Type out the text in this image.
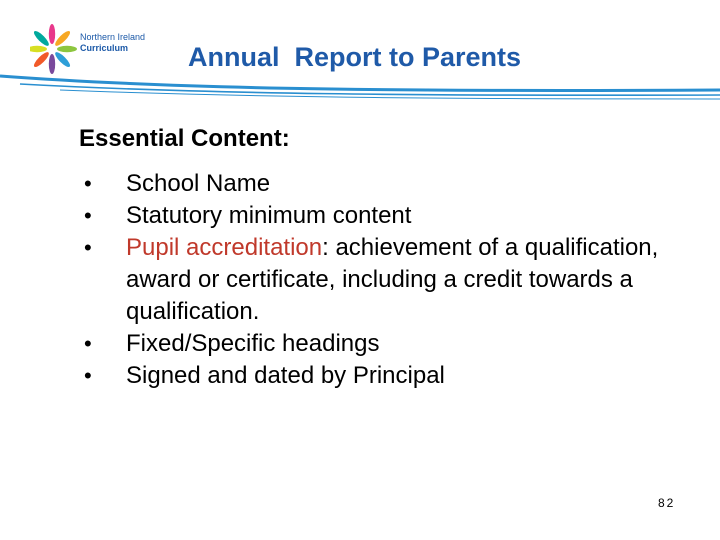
Northern Ireland
Curriculum	Annual  Report to Parents
Essential Content:
• School Name
• Statutory minimum content
• Pupil accreditation: achievement of a qualification, award or certificate, including a credit towards a qualification.
• Fixed/Specific headings
• Signed and dated by Principal
82
